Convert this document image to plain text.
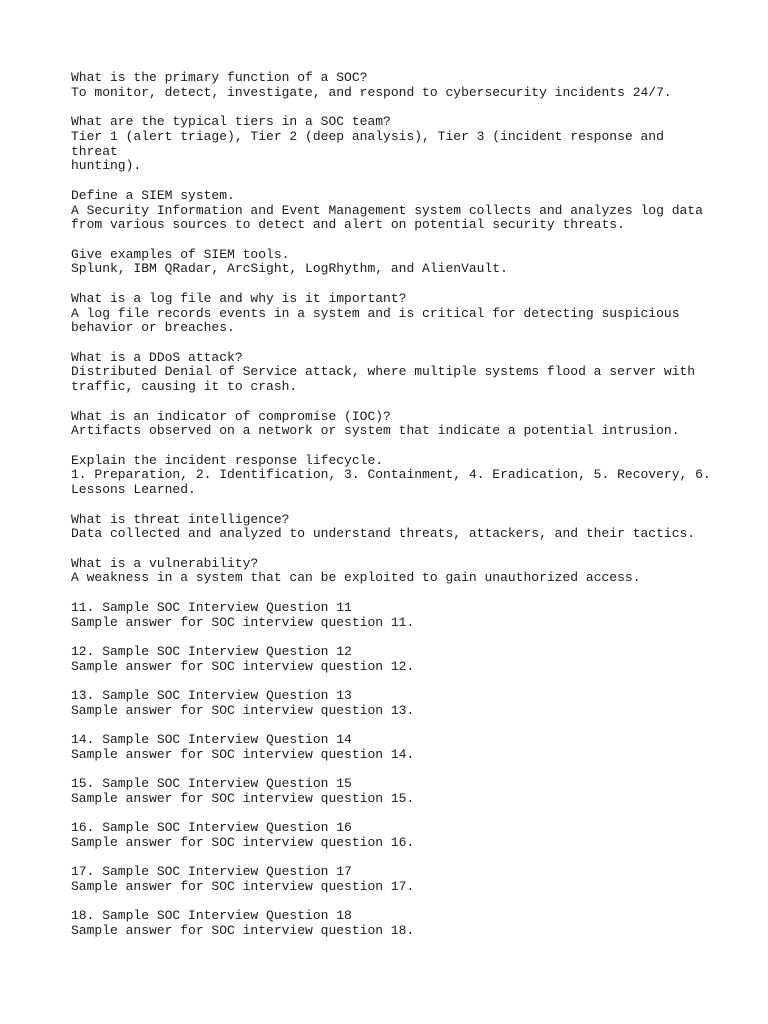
What is the primary function of a SOC?
To monitor, detect, investigate, and respond to cybersecurity incidents 24/7.
What are the typical tiers in a SOC team?
Tier 1 (alert triage), Tier 2 (deep analysis), Tier 3 (incident response and threat
hunting).
Define a SIEM system.
A Security Information and Event Management system collects and analyzes log data
from various sources to detect and alert on potential security threats.
Give examples of SIEM tools.
Splunk, IBM QRadar, ArcSight, LogRhythm, and AlienVault.
What is a log file and why is it important?
A log file records events in a system and is critical for detecting suspicious
behavior or breaches.
What is a DDoS attack?
Distributed Denial of Service attack, where multiple systems flood a server with
traffic, causing it to crash.
What is an indicator of compromise (IOC)?
Artifacts observed on a network or system that indicate a potential intrusion.
Explain the incident response lifecycle.
1. Preparation, 2. Identification, 3. Containment, 4. Eradication, 5. Recovery, 6.
Lessons Learned.
What is threat intelligence?
Data collected and analyzed to understand threats, attackers, and their tactics.
What is a vulnerability?
A weakness in a system that can be exploited to gain unauthorized access.
11. Sample SOC Interview Question 11
Sample answer for SOC interview question 11.
12. Sample SOC Interview Question 12
Sample answer for SOC interview question 12.
13. Sample SOC Interview Question 13
Sample answer for SOC interview question 13.
14. Sample SOC Interview Question 14
Sample answer for SOC interview question 14.
15. Sample SOC Interview Question 15
Sample answer for SOC interview question 15.
16. Sample SOC Interview Question 16
Sample answer for SOC interview question 16.
17. Sample SOC Interview Question 17
Sample answer for SOC interview question 17.
18. Sample SOC Interview Question 18
Sample answer for SOC interview question 18.
